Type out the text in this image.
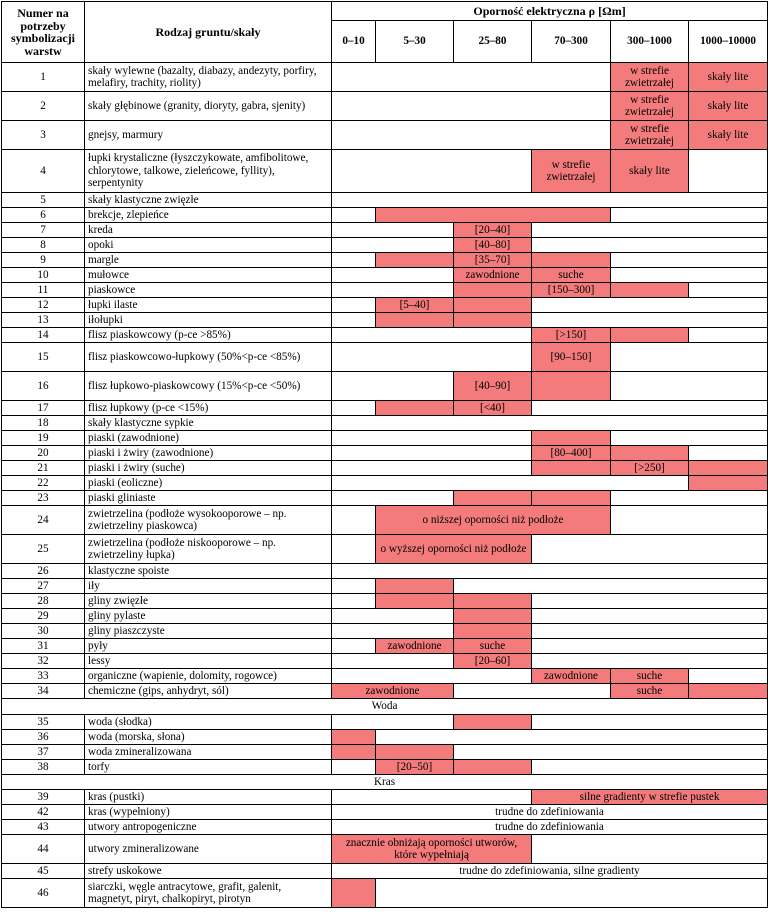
Numer na potrzeby symbolizacji warstw	Rodzaj gruntu/skały	Oporność elektryczna ρ [Ωm]					
		0–10	5–30	25–80	70–300	300–1000	1000–10000
1	skały wylewne (bazalty, diabazy, andezyty, porfiry, melafiry, trachity, riolity)					w strefie zwietrzałej	skały lite
2	skały głębinowe (granity, dioryty, gabra, sjenity)					w strefie zwietrzałej	skały lite
3	gnejsy, marmury					w strefie zwietrzałej	skały lite
4	łupki krystaliczne (łyszczykowate, amfibolitowe, chlorytowe, talkowe, zieleńcowe, fyllity), serpentynity				w strefie zwietrzałej	skały lite	
5	skały klastyczne zwięzłe						
6	brekcje, zlepieńce						
7	kreda			[20–40]			
8	opoki			[40–80]			
9	margle			[35–70]			
10	mułowce			zawodnione	suche		
11	piaskowce				[150–300]		
12	łupki ilaste		[5–40]				
13	iłołupki						
14	flisz piaskowcowy (p-ce >85%)				[>150]		
15	flisz piaskowcowo-łupkowy (50%<p-ce <85%)				[90–150]		
16	flisz łupkowo-piaskowcowy (15%<p-ce <50%)			[40–90]			
17	flisz łupkowy (p-ce <15%)			[<40]			
18	skały klastyczne sypkie						
19	piaski (zawodnione)						
20	piaski i żwiry (zawodnione)				[80–400]		
21	piaski i żwiry (suche)					[>250]	
22	piaski (eoliczne)						
23	piaski gliniaste						
24	zwietrzelina (podłoże wysokooporowe – np. zwietrzeliny piaskowca)		o niższej oporności niż podłoże				
25	zwietrzelina (podłoże niskooporowe – np. zwietrzeliny łupka)		o wyższej oporności niż podłoże				
26	klastyczne spoiste						
27	iły						
28	gliny zwięzłe						
29	gliny pylaste						
30	gliny piaszczyste						
31	pyły		zawodnione	suche			
32	lessy			[20–60]			
33	organiczne (wapienie, dolomity, rogowce)				zawodnione	suche	
34	chemiczne (gips, anhydryt, sól)	zawodnione				suche	
Woda							
35	woda (słodka)						
36	woda (morska, słona)						
37	woda zmineralizowana						
38	torfy		[20–50]				
Kras							
39	kras (pustki)				silne gradienty w strefie pustek		
42	kras (wypełniony)	trudne do zdefiniowania					
43	utwory antropogeniczne	trudne do zdefiniowania					
44	utwory zmineralizowane	znacznie obniżają oporności utworów, które wypełniają					
45	strefy uskokowe	trudne do zdefiniowania, silne gradienty					
46	siarczki, węgle antracytowe, grafit, galenit, magnetyt, piryt, chalkopiryt, pirotyn						
